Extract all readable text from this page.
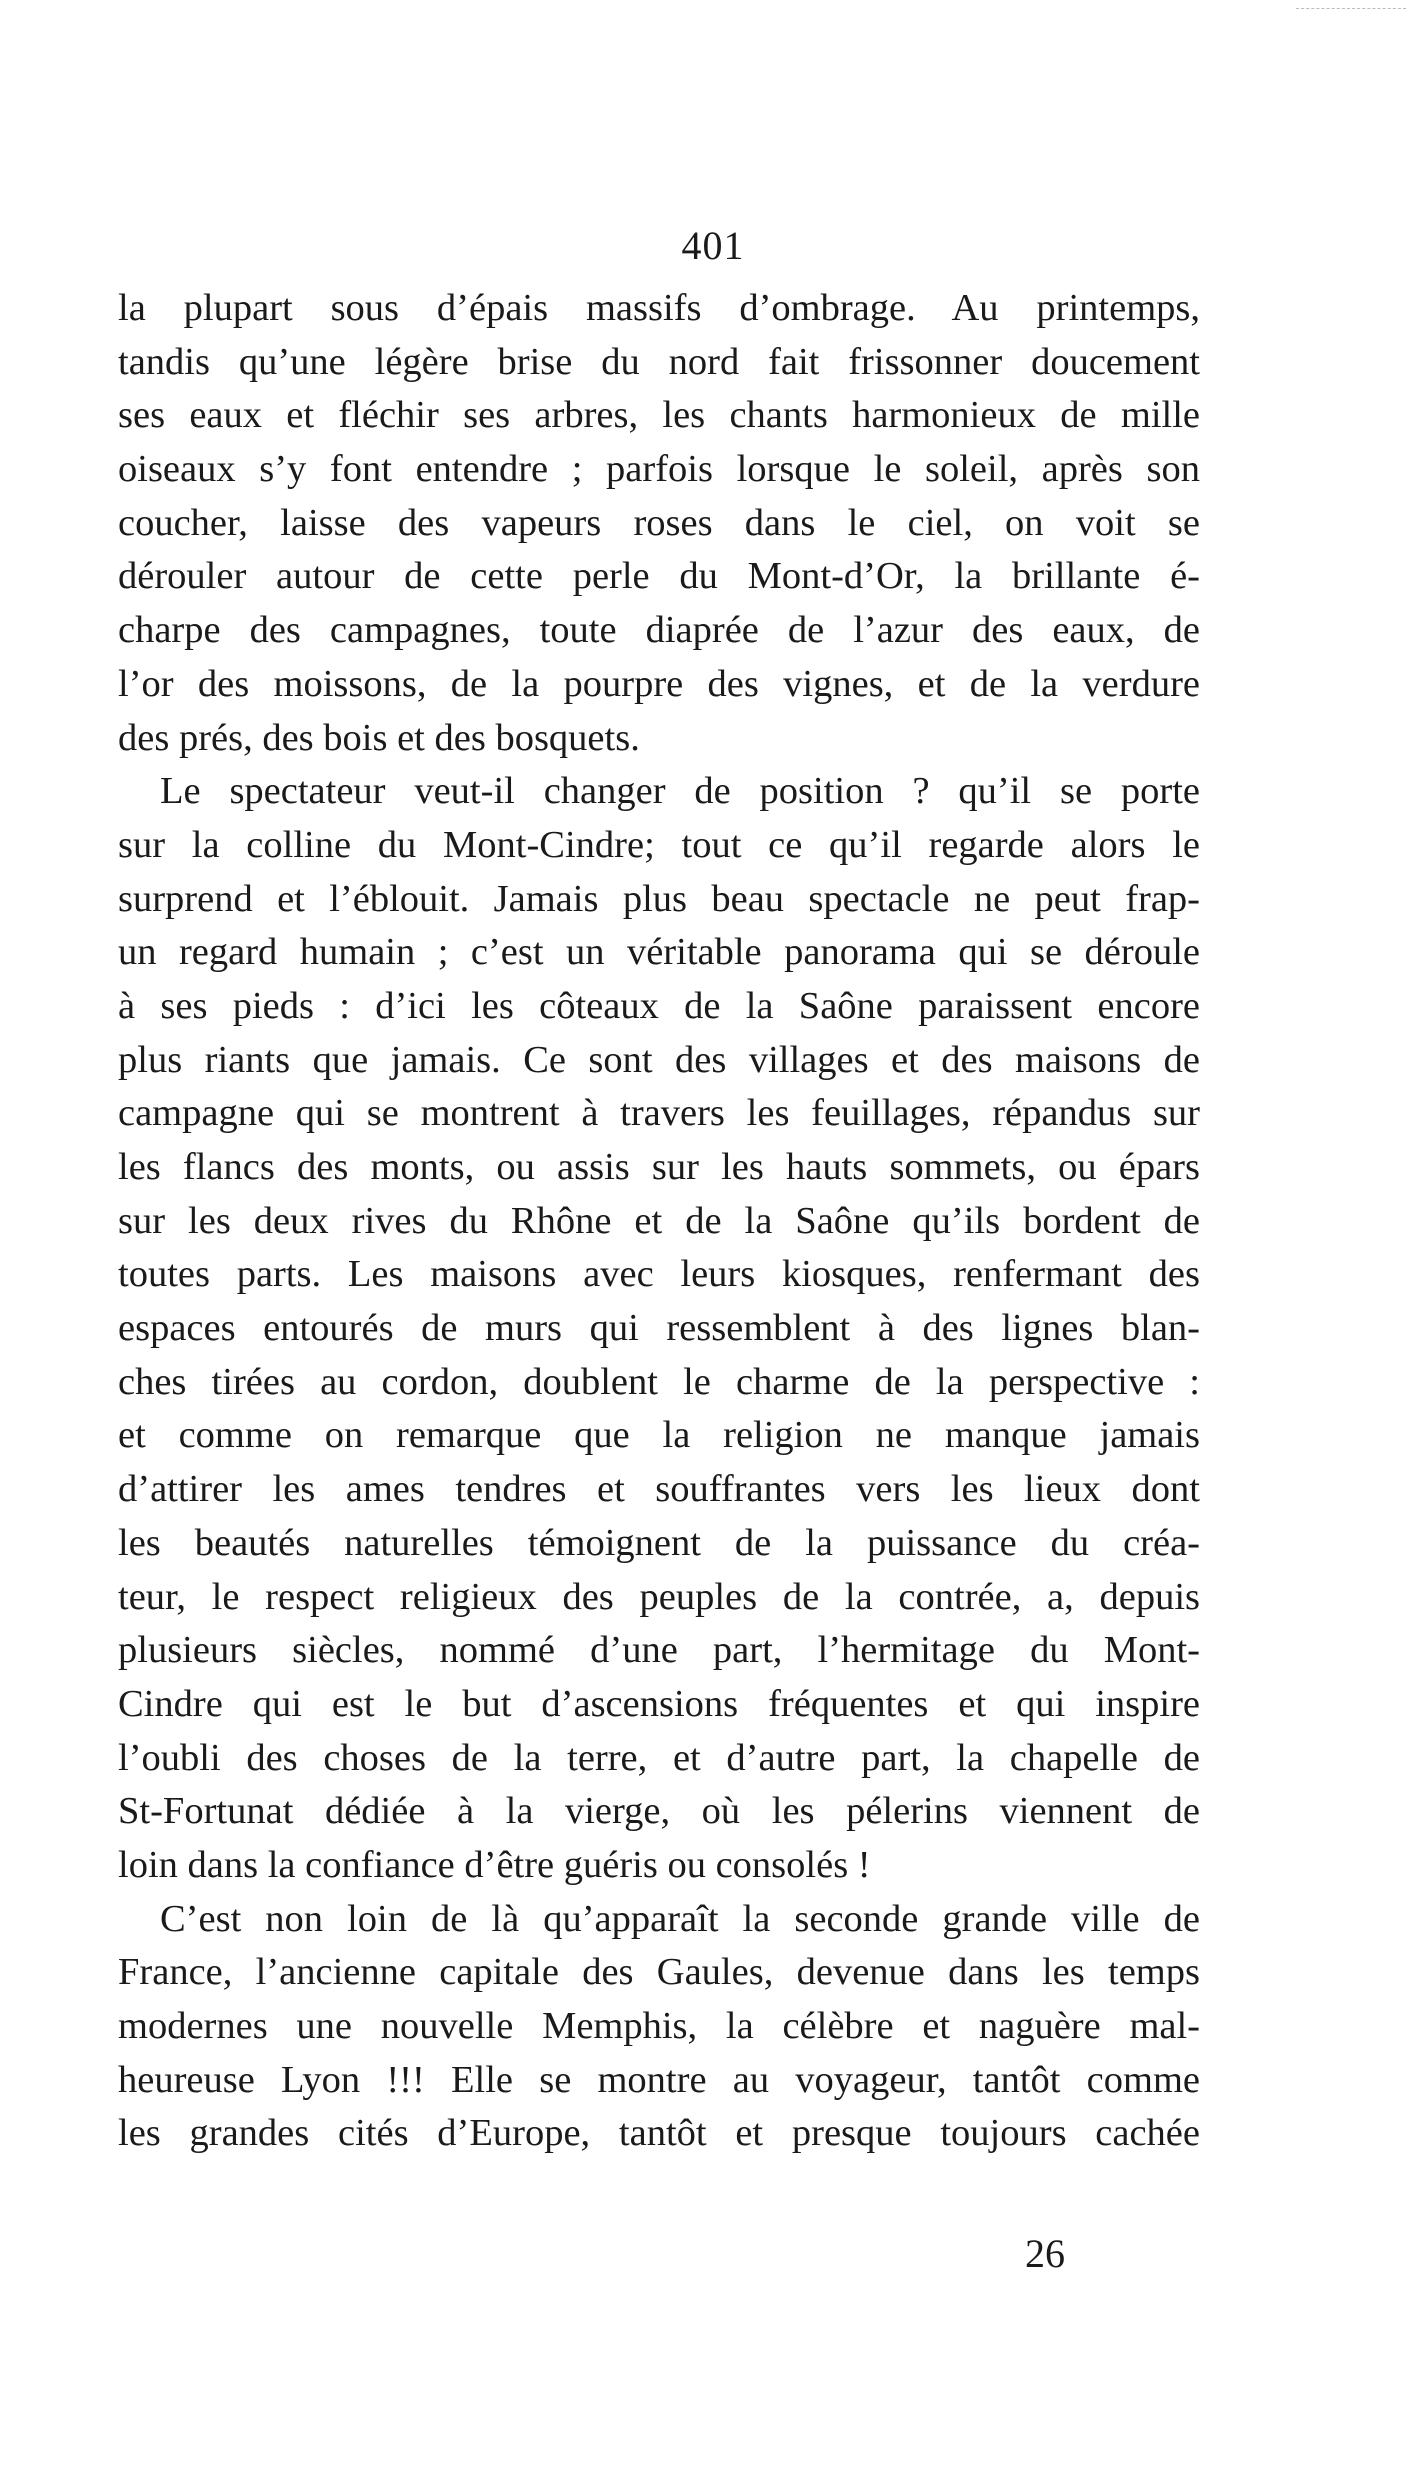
401
la plupart sous d’épais massifs d’ombrage. Au printemps,
tandis qu’une légère brise du nord fait frissonner doucement
ses eaux et fléchir ses arbres, les chants harmonieux de mille
oiseaux s’y font entendre ; parfois lorsque le soleil, après son
coucher, laisse des vapeurs roses dans le ciel, on voit se
dérouler autour de cette perle du Mont-d’Or, la brillante é-
charpe des campagnes, toute diaprée de l’azur des eaux, de
l’or des moissons, de la pourpre des vignes, et de la verdure
des prés, des bois et des bosquets.
Le spectateur veut-il changer de position ? qu’il se porte
sur la colline du Mont-Cindre; tout ce qu’il regarde alors le
surprend et l’éblouit. Jamais plus beau spectacle ne peut frap-
un regard humain ; c’est un véritable panorama qui se déroule
à ses pieds : d’ici les côteaux de la Saône paraissent encore
plus riants que jamais. Ce sont des villages et des maisons de
campagne qui se montrent à travers les feuillages, répandus sur
les flancs des monts, ou assis sur les hauts sommets, ou épars
sur les deux rives du Rhône et de la Saône qu’ils bordent de
toutes parts. Les maisons avec leurs kiosques, renfermant des
espaces entourés de murs qui ressemblent à des lignes blan-
ches tirées au cordon, doublent le charme de la perspective :
et comme on remarque que la religion ne manque jamais
d’attirer les ames tendres et souffrantes vers les lieux dont
les beautés naturelles témoignent de la puissance du créa-
teur, le respect religieux des peuples de la contrée, a, depuis
plusieurs siècles, nommé d’une part, l’hermitage du Mont-
Cindre qui est le but d’ascensions fréquentes et qui inspire
l’oubli des choses de la terre, et d’autre part, la chapelle de
St-Fortunat dédiée à la vierge, où les pélerins viennent de
loin dans la confiance d’être guéris ou consolés !
C’est non loin de là qu’apparaît la seconde grande ville de
France, l’ancienne capitale des Gaules, devenue dans les temps
modernes une nouvelle Memphis, la célèbre et naguère mal-
heureuse Lyon !!! Elle se montre au voyageur, tantôt comme
les grandes cités d’Europe, tantôt et presque toujours cachée
26
